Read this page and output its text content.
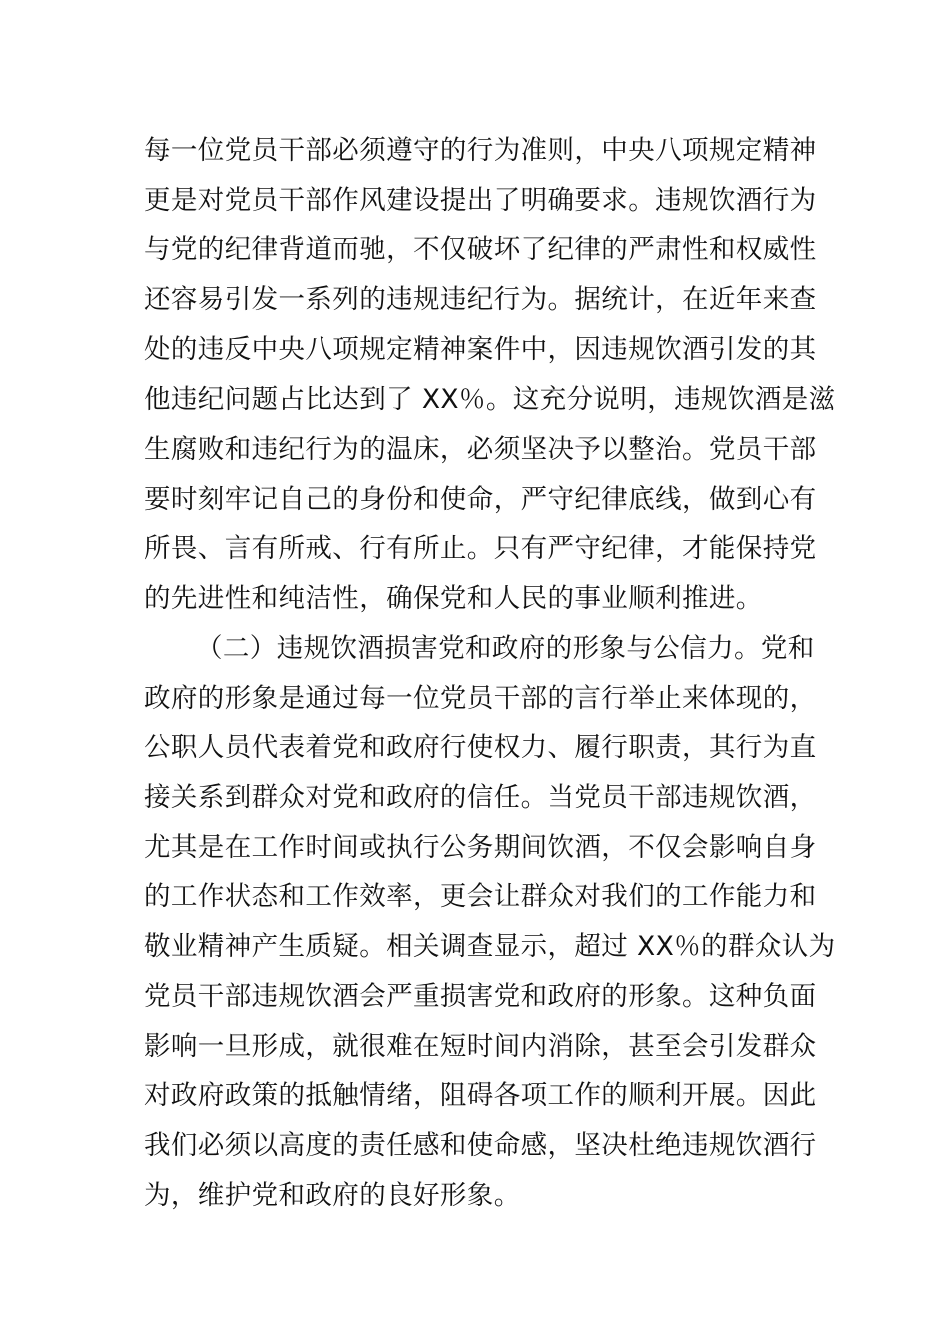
每一位党员干部必须遵守的行为准则，中央八项规定精神
更是对党员干部作风建设提出了明确要求。违规饮酒行为
与党的纪律背道而驰，不仅破坏了纪律的严肃性和权威性
还容易引发一系列的违规违纪行为。据统计，在近年来查
处的违反中央八项规定精神案件中，因违规饮酒引发的其
他违纪问题占比达到了 XX％。这充分说明，违规饮酒是滋
生腐败和违纪行为的温床，必须坚决予以整治。党员干部
要时刻牢记自己的身份和使命，严守纪律底线，做到心有
所畏、言有所戒、行有所止。只有严守纪律，才能保持党
的先进性和纯洁性，确保党和人民的事业顺利推进。
（二）违规饮酒损害党和政府的形象与公信力。党和
政府的形象是通过每一位党员干部的言行举止来体现的，
公职人员代表着党和政府行使权力、履行职责，其行为直
接关系到群众对党和政府的信任。当党员干部违规饮酒，
尤其是在工作时间或执行公务期间饮酒，不仅会影响自身
的工作状态和工作效率，更会让群众对我们的工作能力和
敬业精神产生质疑。相关调查显示，超过 XX％的群众认为
党员干部违规饮酒会严重损害党和政府的形象。这种负面
影响一旦形成，就很难在短时间内消除，甚至会引发群众
对政府政策的抵触情绪，阻碍各项工作的顺利开展。因此
我们必须以高度的责任感和使命感，坚决杜绝违规饮酒行
为，维护党和政府的良好形象。
